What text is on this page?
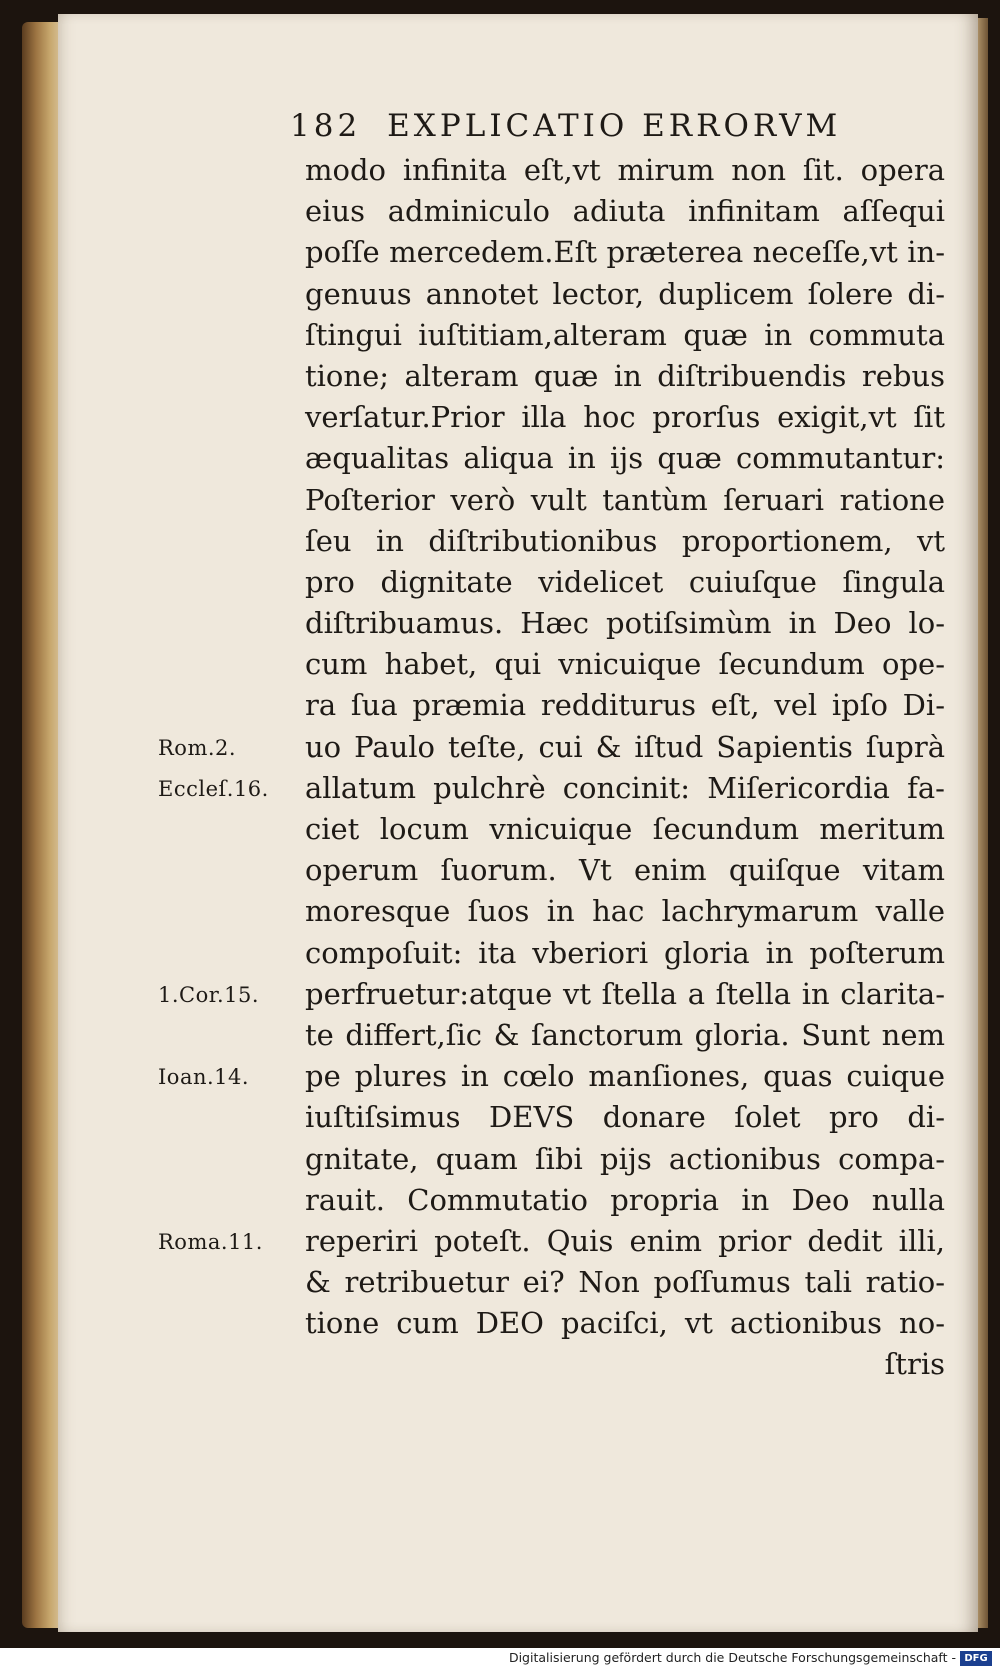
182 EXPLICATIO ERRORVM
modo infinita eſt,vt mirum non ſit. opera
eius adminiculo adiuta infinitam aſſequi
poſſe mercedem.Eſt præterea neceſſe,vt in-
genuus annotet lector, duplicem ſolere di-
ſtingui iuſtitiam,alteram quæ in commuta
tione; alteram quæ in diſtribuendis rebus
verſatur.Prior illa hoc prorſus exigit,vt ſit
æqualitas aliqua in ijs quæ commutantur:
Poſterior verò vult tantùm ſeruari ratione
ſeu in diſtributionibus proportionem, vt
pro dignitate videlicet cuiuſque ſingula
diſtribuamus. Hæc potiſsimùm in Deo lo-
cum habet, qui vnicuique ſecundum ope-
ra ſua præmia redditurus eſt, vel ipſo Di-
uo Paulo teſte, cui & iſtud Sapientis ſuprà
allatum pulchrè concinit: Miſericordia fa-
ciet locum vnicuique ſecundum meritum
operum ſuorum. Vt enim quiſque vitam
moresque ſuos in hac lachrymarum valle
compoſuit: ita vberiori gloria in poſterum
perfruetur:atque vt ſtella a ſtella in clarita-
te differt,ſic & ſanctorum gloria. Sunt nem
pe plures in cœlo manſiones, quas cuique
iuſtiſsimus DEVS donare ſolet pro di-
gnitate, quam ſibi pijs actionibus compa-
rauit. Commutatio propria in Deo nulla
reperiri poteſt. Quis enim prior dedit illi,
& retribuetur ei? Non poſſumus tali ratio-
tione cum DEO paciſci, vt actionibus no-
ſtris
Rom.2.
Eccleſ.16.
1.Cor.15.
Ioan.14.
Roma.11.
Digitalisierung gefördert durch die Deutsche Forschungsgemeinschaft - DFG
